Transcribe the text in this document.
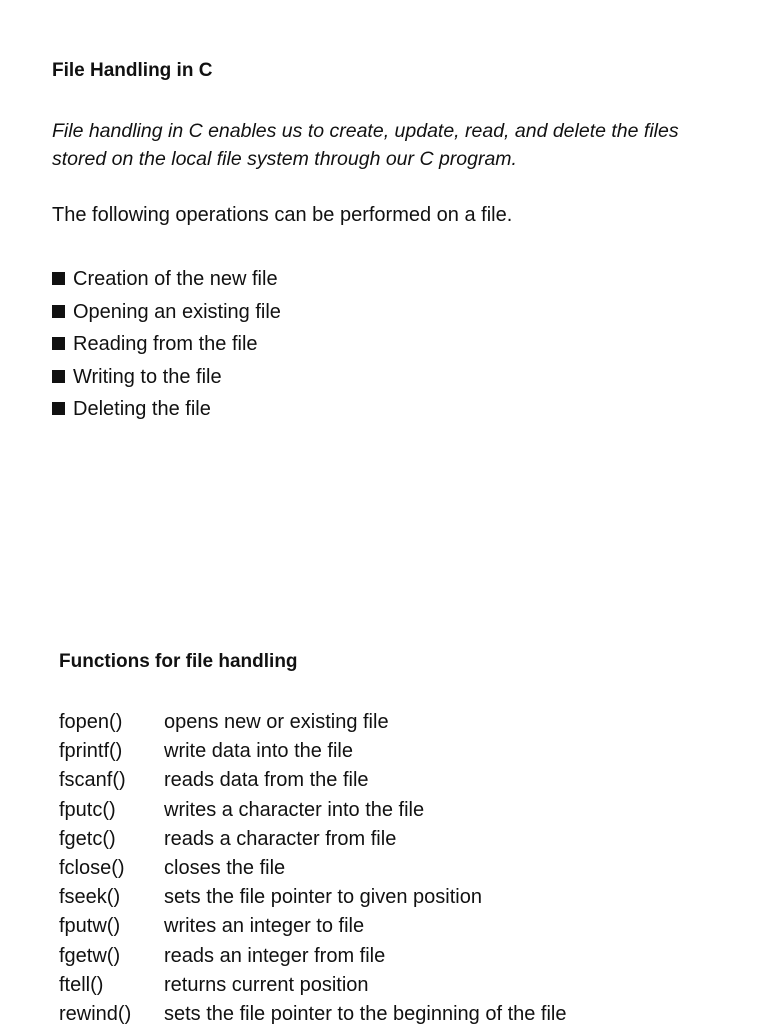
File Handling in C

File handling in C enables us to create, update, read, and delete the files stored on the local file system through our C program.

The following operations can be performed on a file.

Creation of the new file
Opening an existing file
Reading from the file
Writing to the file
Deleting the file
Functions for file handling
fopen() opens new or existing file
fprintf() write data into the file
fscanf() reads data from the file
fputc() writes a character into the file
fgetc() reads a character from file
fclose() closes the file
fseek() sets the file pointer to given position
fputw() writes an integer to file
fgetw() reads an integer from file
ftell()	returns current position
rewind() sets the file pointer to the beginning of the file
